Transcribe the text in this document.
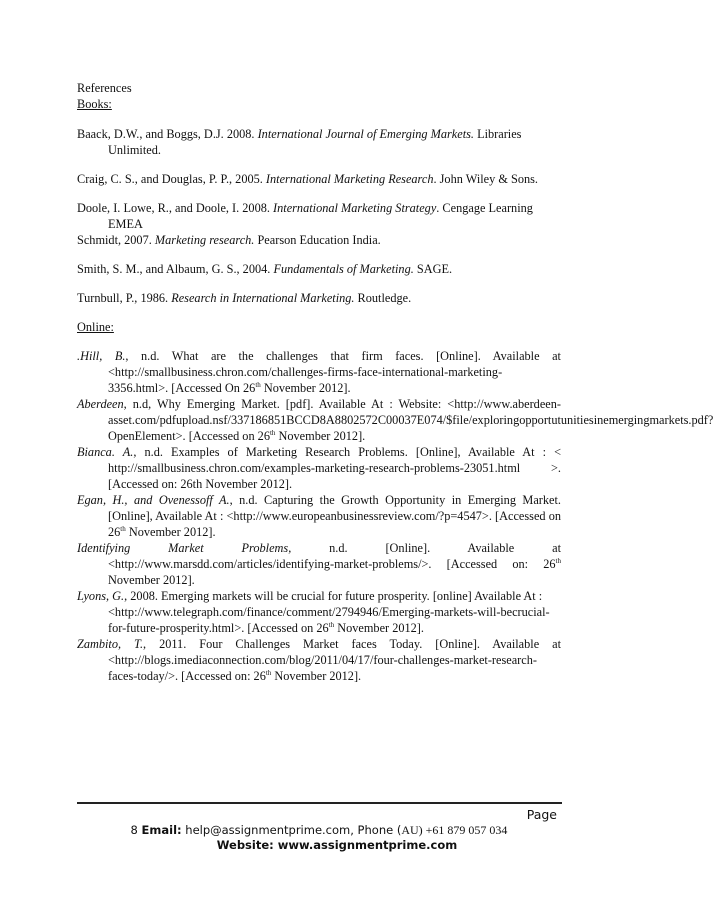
References

Books:

Baack, D.W., and Boggs, D.J. 2008. International Journal of Emerging Markets. Libraries Unlimited.

Craig, C. S., and Douglas, P. P., 2005. International Marketing Research. John Wiley & Sons.

Doole, I. Lowe, R., and Doole, I. 2008. International Marketing Strategy. Cengage Learning EMEA

Schmidt, 2007. Marketing research. Pearson Education India.

Smith, S. M., and Albaum, G. S., 2004. Fundamentals of Marketing. SAGE.

Turnbull, P., 1986. Research in International Marketing. Routledge.

Online:

.Hill, B., n.d. What are the challenges that firm faces. [Online]. Available at <http://smallbusiness.chron.com/challenges-firms-face-international-marketing-3356.html>. [Accessed On 26th November 2012].

Aberdeen, n.d, Why Emerging Market. [pdf]. Available At : Website: <http://www.aberdeen-asset.com/pdfupload.nsf/337186851BCCD8A8802572C00037E074/$file/exploringopportutunitiesinemergingmarkets.pdf?OpenElement>. [Accessed on 26th November 2012].

Bianca. A., n.d. Examples of Marketing Research Problems. [Online], Available At : < http://smallbusiness.chron.com/examples-marketing-research-problems-23051.html >. [Accessed on: 26th November 2012].

Egan, H., and Ovenessoff A., n.d. Capturing the Growth Opportunity in Emerging Market. [Online], Available At : <http://www.europeanbusinessreview.com/?p=4547>. [Accessed on 26th November 2012].

Identifying Market Problems, n.d. [Online]. Available at <http://www.marsdd.com/articles/identifying-market-problems/>. [Accessed on: 26th November 2012].

Lyons, G., 2008. Emerging markets will be crucial for future prosperity. [online] Available At :<http://www.telegraph.com/finance/comment/2794946/Emerging-markets-will-becrucial-for-future-prosperity.html>. [Accessed on 26th November 2012].

Zambito, T., 2011. Four Challenges Market faces Today. [Online]. Available at <http://blogs.imediaconnection.com/blog/2011/04/17/four-challenges-market-research-faces-today/>. [Accessed on: 26th November 2012].

Page
8 Email: help@assignmentprime.com, Phone (AU) +61 879 057 034
Website: www.assignmentprime.com
